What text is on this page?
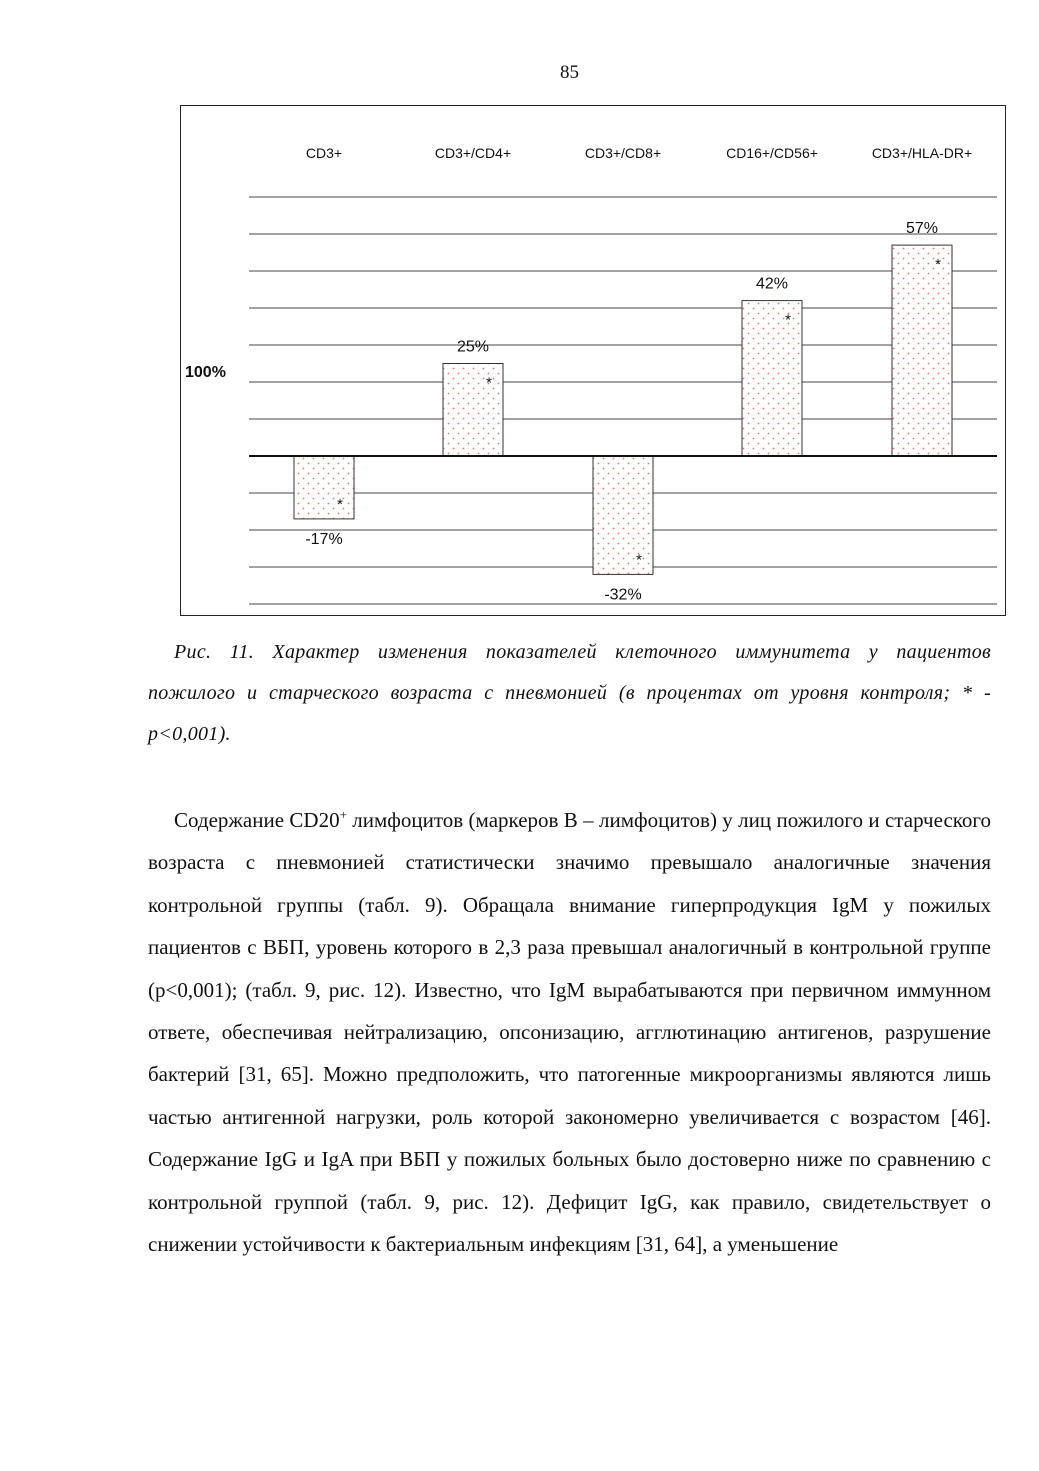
85
*
*
*
*
*
CD3+	CD3+/CD4+	CD3+/CD8+	CD16+/CD56+	CD3+/HLA-DR+
-17%
25%
-32%
42%
57%
100%

Рис. 11. Характер изменения показателей клеточного иммунитета у пациентов пожилого и старческого возраста с пневмонией (в процентах от уровня контроля; * - p<0,001).

Содержание CD20+ лимфоцитов (маркеров В – лимфоцитов) у лиц пожилого и старческого возраста с пневмонией статистически значимо превышало аналогичные значения контрольной группы (табл. 9). Обращала внимание гиперпродукция IgM у пожилых пациентов с ВБП, уровень которого в 2,3 раза превышал аналогичный в контрольной группе (p<0,001); (табл. 9, рис. 12). Известно, что IgM вырабатываются при первичном иммунном ответе, обеспечивая нейтрализацию, опсонизацию, агглютинацию антигенов, разрушение бактерий [31, 65]. Можно предположить, что патогенные микроорганизмы являются лишь частью антигенной нагрузки, роль которой закономерно увеличивается с возрастом [46]. Содержание IgG и IgA при ВБП у пожилых больных было достоверно ниже по сравнению с контрольной группой (табл. 9, рис. 12). Дефицит IgG, как правило, свидетельствует о снижении устойчивости к бактериальным инфекциям [31, 64], а уменьшение
